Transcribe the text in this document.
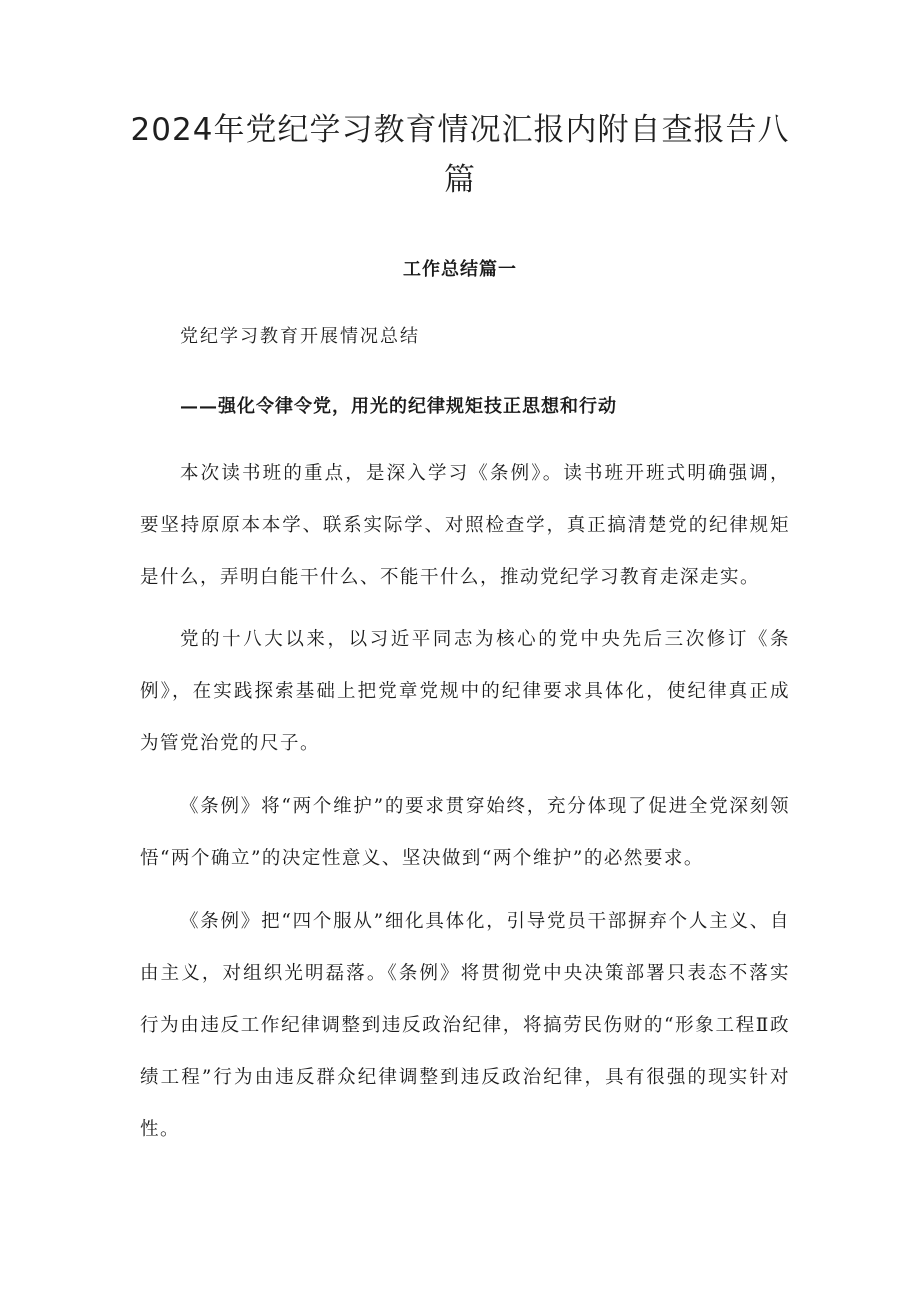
2024年党纪学习教育情况汇报内附自查报告八篇
工作总结篇一

党纪学习教育开展情况总结

——强化令律令党，用光的纪律规矩技正思想和行动

本次读书班的重点，是深入学习《条例》。读书班开班式明确强调，要坚持原原本本学、联系实际学、对照检查学，真正搞清楚党的纪律规矩是什么，弄明白能干什么、不能干什么，推动党纪学习教育走深走实。

党的十八大以来，以习近平同志为核心的党中央先后三次修订《条例》，在实践探索基础上把党章党规中的纪律要求具体化，使纪律真正成为管党治党的尺子。

《条例》将“两个维护”的要求贯穿始终，充分体现了促进全党深刻领悟“两个确立”的决定性意义、坚决做到“两个维护”的必然要求。

《条例》把“四个服从”细化具体化，引导党员干部摒弃个人主义、自由主义，对组织光明磊落。《条例》将贯彻党中央决策部署只表态不落实行为由违反工作纪律调整到违反政治纪律，将搞劳民伤财的“形象工程Ⅱ政绩工程”行为由违反群众纪律调整到违反政治纪律，具有很强的现实针对性。
